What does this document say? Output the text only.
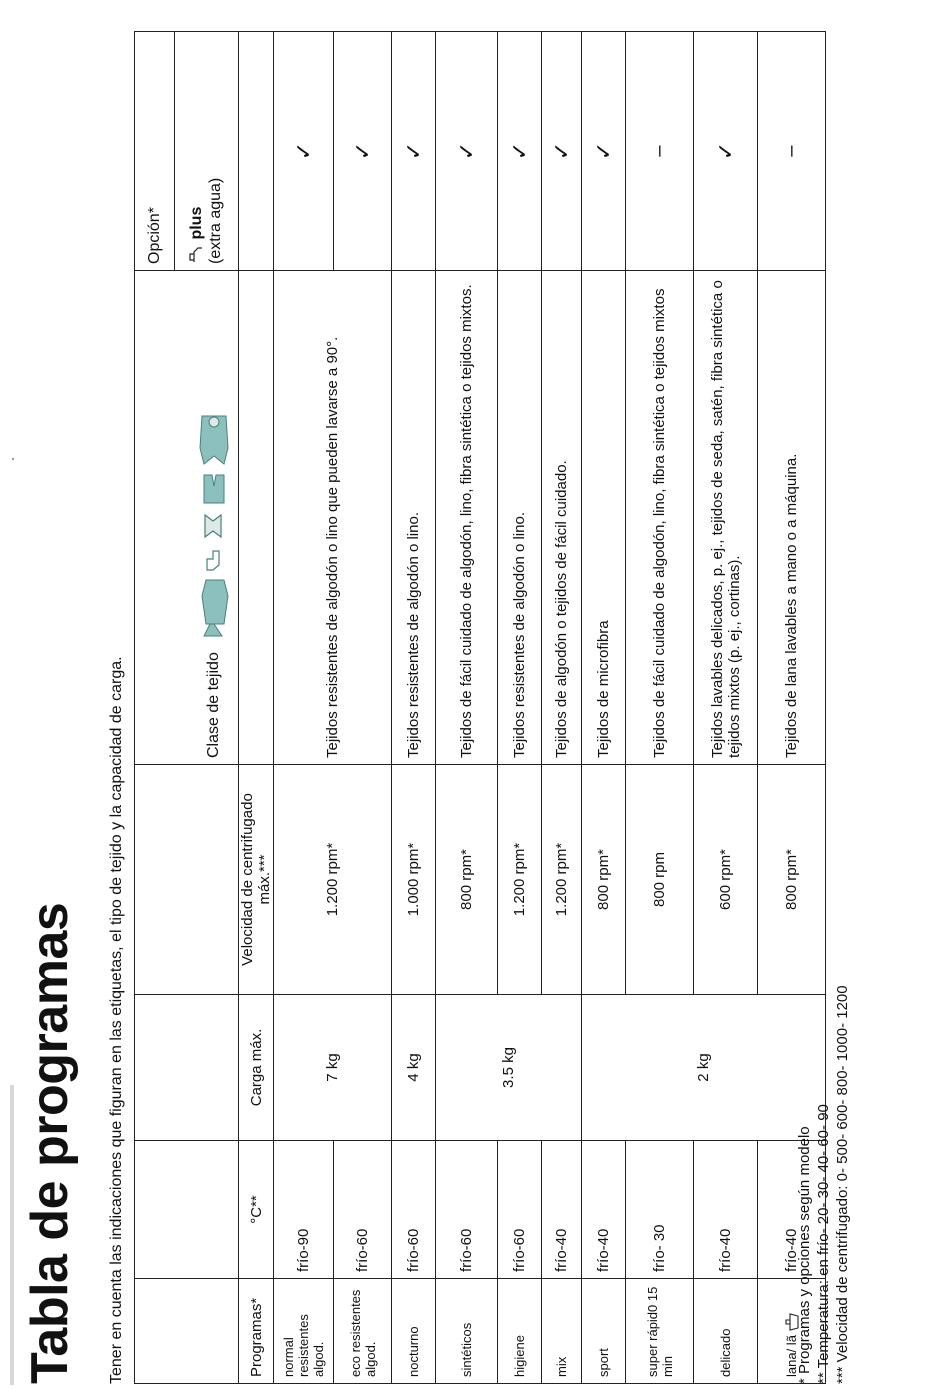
Tabla de programas Tener en cuenta las indicaciones que figuran en las etiquetas, el tipo de tejido y la capacidad de carga.
					Clase de tejido	Opción*
					plus
(extra agua)
Programas*	°C**	Carga máx.	Velocidad de centrifugado máx.***		
normal resistentes algod.	frío-90	7 kg	1.200 rpm*	Tejidos resistentes de algodón o lino que pueden lavarse a 90°.	✓
eco resistentes algod.	frío-60				✓
nocturno	frío-60	4 kg	1.000 rpm*	Tejidos resistentes de algodón o lino.	✓
sintéticos	frío-60	3.5 kg	800 rpm*	Tejidos de fácil cuidado de algodón, lino, fibra sintética o tejidos mixtos.	✓
higiene	frío-60		1.200 rpm*	Tejidos resistentes de algodón o lino.	✓
mix	frío-40		1.200 rpm*	Tejidos de algodón o tejidos de fácil cuidado.	✓
sport	frío-40	2 kg	800 rpm*	Tejidos de microfibra	✓
super rápid0 15 min	frío- 30		800 rpm	Tejidos de fácil cuidado de algodón, lino, fibra sintética o tejidos mixtos	–
delicado	frío-40		600 rpm*	Tejidos lavables delicados, p. ej., tejidos de seda, satén, fibra sintética o tejidos mixtos (p. ej., cortinas).	✓
lana/ lã	frío-40		800 rpm*	Tejidos de lana lavables a mano o a máquina.	–
* Programas y opciones según modelo ** Temperatura: en frío- 20- 30- 40- 60- 90 *** Velocidad de centrifugado: 0- 500- 600- 800- 1000- 1200
